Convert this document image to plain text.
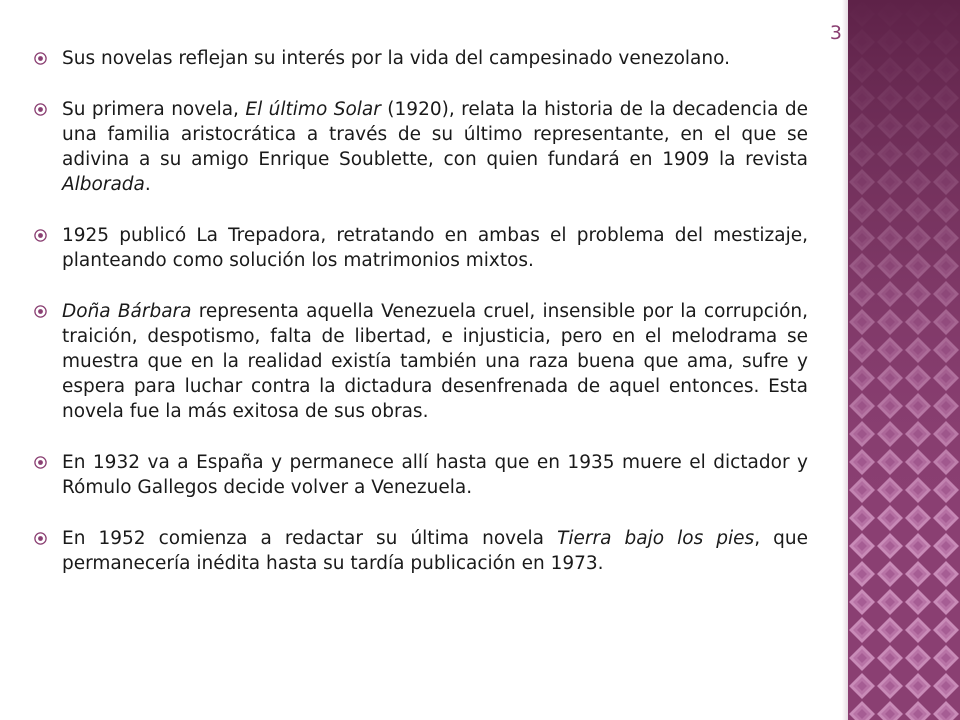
3
Sus novelas reflejan su interés por la vida del campesinado venezolano.
Su primera novela, El último Solar (1920), relata la historia de la decadencia de una familia aristocrática a través de su último representante, en el que se adivina a su amigo Enrique Soublette, con quien fundará en 1909 la revista Alborada.
1925 publicó La Trepadora, retratando en ambas el problema del mestizaje, planteando como solución los matrimonios mixtos.
Doña Bárbara representa aquella Venezuela cruel, insensible por la corrupción, traición, despotismo, falta de libertad, e injusticia, pero en el melodrama se muestra que en la realidad existía también una raza buena que ama, sufre y espera para luchar contra la dictadura desenfrenada de aquel entonces. Esta novela fue la más exitosa de sus obras.
En 1932 va a España y permanece allí hasta que en 1935 muere el dictador y Rómulo Gallegos decide volver a Venezuela.
En 1952 comienza a redactar su última novela Tierra bajo los pies, que permanecería inédita hasta su tardía publicación en 1973.
